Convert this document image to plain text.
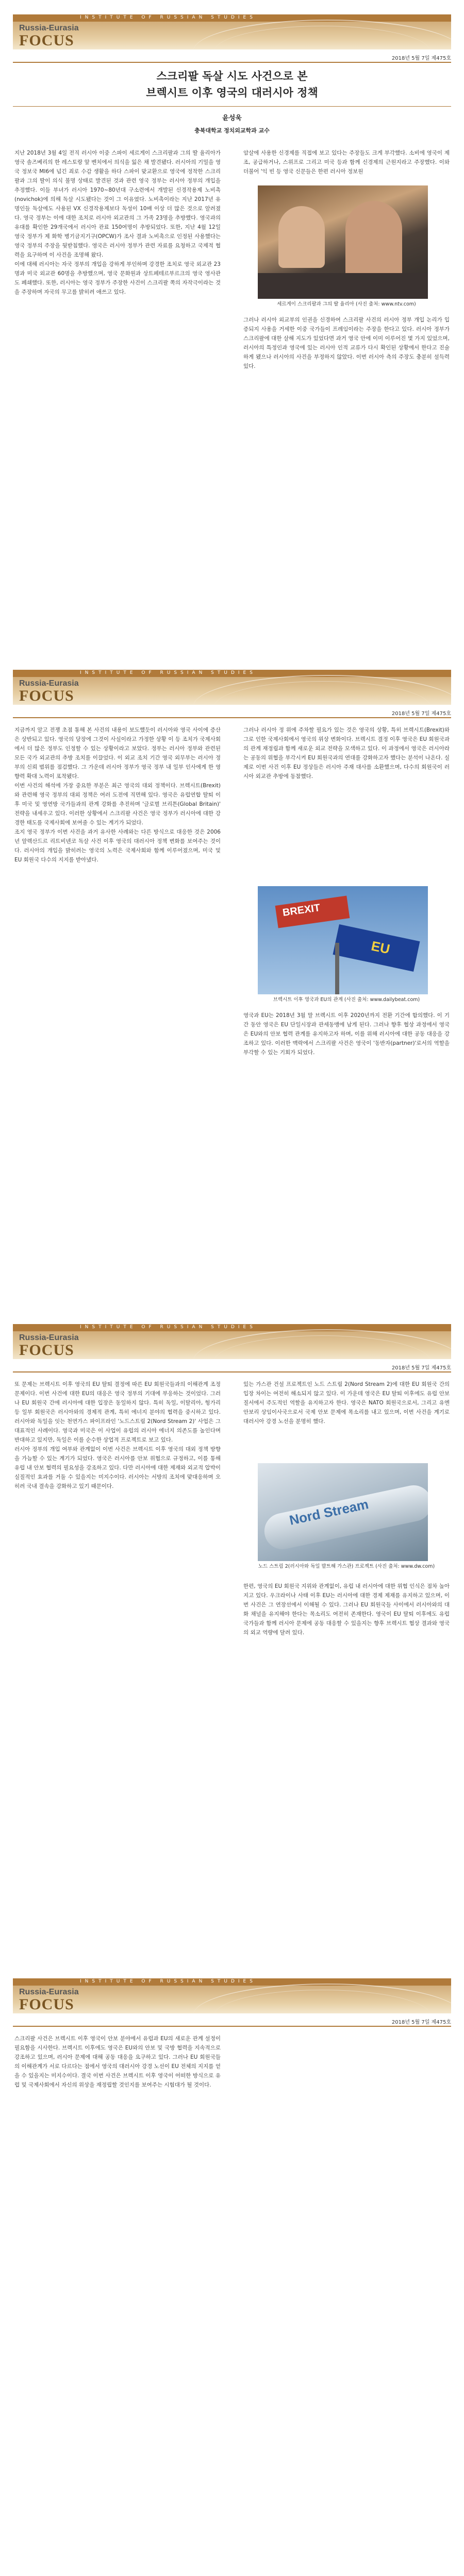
INSTITUTE OF RUSSIAN STUDIES
Russia-Eurasia
FOCUS
2018년 5월 7일 제475호
스크리팔 독살 시도 사건으로 본
브렉시트 이후 영국의 대러시아 정책
윤성욱
충북대학교 정치외교학과 교수
지난 2018년 3월 4일 전직 러시아 이중 스파이 세르게이 스크리팔과 그의 딸 율리아가 영국 솔즈베리의 한 레스토랑 앞 벤치에서 의식을 잃은 채 발견됐다. 러시아의 기밀을 영국 정보국 MI6에 넘긴 죄로 수감 생활을 하다 스파이 맞교환으로 영국에 정착한 스크리팔과 그의 딸이 의식 불명 상태로 발견된 것과 관련 영국 정부는 러시아 정부의 개입을 추정했다. 이들 부녀가 러시아 1970~80년대 구소련에서 개발된 신경작용제 노비촉(novichok)에 의해 독살 시도됐다는 것이 그 이유였다. 노비촉이라는 지난 2017년 유명인들 독살에도 사용된 VX 신경작용제보다 독성이 10배 이상 더 많은 것으로 알려졌다. 영국 정부는 이에 대한 조치로 러시아 외교관의 그 가족 23명을 추방했다. 영국과의 유대를 확인한 29개국에서 러시아 관료 150여명이 추방되었다. 또한, 지난 4월 12일 영국 정부가 제 화학 병기금지기구(OPCW)가 조사 결과 노비촉으로 인정된 사용했다는 영국 정부의 주장을 뒷받침했다. 영국은 러시아 정부가 관련 자료를 요청하고 국제적 협력을 요구하며 이 사건을 조명해 왔다.
이에 대해 러시아는 자국 정부의 개입을 강하게 부인하며 강경한 조치로 영국 외교관 23명과 미국 외교관 60명을 추방했으며, 영국 문화원과 상트페테르부르크의 영국 영사관도 폐쇄했다. 또한, 러시아는 영국 정부가 주장한 사건이 스크리팔 쪽의 자작극이라는 것을 주장하며 자국의 무고를 밝히려 애쓰고 있다.
암살에 사용한 신경제를 직접에 보고 있다는 주장들도 크게 부각했다. 소비에 영국이 제조, 공급하거나, 스위프로 그리고 미국 등과 함께 신경제의 근원지라고 주장했다. 이와 더불어 '익 빈 등 영국 신문들은 한편 러시아 정보원
세르게이 스크리팔과 그의 딸 율리아 (사진 출처: www.ntv.com)
그러나 러시아 외교부의 인권을 신경하여 스크리팔 사건의 러시아 정부 개입 논리가 입증되지 사용을 거세한 이중 국가들이 프레임이라는 주장을 한다고 있다. 러시아 정부가 스크리팔에 대한 살해 지도가 있었다면 과거 영국 안에 이미 이루어진 몇 가지 있었으며, 러시아의 특정인과 영국에 있는 러시아 인적 교류가 다시 확인된 상황에서 한다고 진술하게 됐으나 러시아의 사건을 부정하지 않았다. 이번 러시아 측의 주장도 충분히 설득력 있다.
INSTITUTE OF RUSSIAN STUDIES
Russia-Eurasia
FOCUS
2018년 5월 7일 제475호
지금까지 알고 전쟁 초점 통해 본 사건의 내용이 보도했듯이 러시아와 영국 사이에 증산은 상반되고 있다. 영국의 당장에 그것이 사실이라고 가정한 상황 이 등 조치가 국제사회에서 더 많은 정부도 인정할 수 있는 상황이라고 보았다. 정부는 러시아 정부와 관련된 모든 국가 외교관의 추방 조치를 이끌었다. 이 외교 조치 기간 영국 외무부는 러시아 정부의 신뢰 범위를 점검했다. 그 가운데 러시아 정부가 영국 정부 내 일부 인사에게 한 영향력 확대 노력이 포착됐다.
이번 사건의 해석에 가장 중요한 부분은 최근 영국의 대외 정책이다. 브렉시트(Brexit)와 관련해 영국 정부의 대외 정책은 여러 도전에 직면해 있다. 영국은 유럽연합 탈퇴 이후 미국 및 영연방 국가들과의 관계 강화를 추진하며 '글로벌 브리튼(Global Britain)' 전략을 내세우고 있다. 이러한 상황에서 스크리팔 사건은 영국 정부가 러시아에 대한 강경한 태도를 국제사회에 보여줄 수 있는 계기가 되었다.
조지 영국 정부가 이번 사건을 과거 유사한 사례와는 다른 방식으로 대응한 것은 2006년 알렉산드르 리트비넨코 독살 사건 이후 영국의 대러시아 정책 변화를 보여주는 것이다. 러시아의 개입을 밝히려는 영국의 노력은 국제사회와 함께 이루어졌으며, 미국 및 EU 회원국 다수의 지지를 받아냈다.
그러나 러시아 정 위에 주차할 필요가 있는 것은 영국의 상황, 특히 브렉시트(Brexit)와 그로 인한 국제사회에서 영국의 위상 변화이다. 브렉시트 결정 이후 영국은 EU 회원국과의 관계 재정립과 함께 새로운 외교 전략을 모색하고 있다. 이 과정에서 영국은 러시아라는 공동의 위협을 부각시켜 EU 회원국과의 연대를 강화하고자 했다는 분석이 나온다. 실제로 이번 사건 이후 EU 정상들은 러시아 주재 대사를 소환했으며, 다수의 회원국이 러시아 외교관 추방에 동참했다.
BREXIT
EU
브렉시트 이후 영국과 EU의 관계 (사진 출처: www.dailybeat.com)
영국과 EU는 2018년 3월 말 브렉시트 이후 2020년까지 전환 기간에 합의했다. 이 기간 동안 영국은 EU 단일시장과 관세동맹에 남게 된다. 그러나 향후 협상 과정에서 영국은 EU와의 안보 협력 관계를 유지하고자 하며, 이를 위해 러시아에 대한 공동 대응을 강조하고 있다. 이러한 맥락에서 스크리팔 사건은 영국이 '동반자(partner)'로서의 역할을 부각할 수 있는 기회가 되었다.
INSTITUTE OF RUSSIAN STUDIES
Russia-Eurasia
FOCUS
2018년 5월 7일 제475호
또 문제는 브렉시트 이후 영국의 EU 탈퇴 결정에 따른 EU 회원국들과의 이해관계 조정 문제이다. 이번 사건에 대한 EU의 대응은 영국 정부의 기대에 부응하는 것이었다. 그러나 EU 회원국 간에 러시아에 대한 입장은 동일하지 않다. 특히 독일, 이탈리아, 헝가리 등 일부 회원국은 러시아와의 경제적 관계, 특히 에너지 분야의 협력을 중시하고 있다. 러시아와 독일을 잇는 천연가스 파이프라인 '노드스트림 2(Nord Stream 2)' 사업은 그 대표적인 사례이다. 영국과 미국은 이 사업이 유럽의 러시아 에너지 의존도를 높인다며 반대하고 있지만, 독일은 이를 순수한 상업적 프로젝트로 보고 있다.
러시아 정부의 개입 여부와 관계없이 이번 사건은 브렉시트 이후 영국의 대외 정책 방향을 가늠할 수 있는 계기가 되었다. 영국은 러시아를 안보 위협으로 규정하고, 이를 통해 유럽 내 안보 협력의 필요성을 강조하고 있다. 다만 러시아에 대한 제재와 외교적 압박이 실질적인 효과를 거둘 수 있을지는 미지수이다. 러시아는 서방의 조치에 맞대응하며 오히려 국내 결속을 강화하고 있기 때문이다.
있는 가스관 건설 프로젝트인 노드 스트림 2(Nord Stream 2)에 대한 EU 회원국 간의 입장 차이는 여전히 해소되지 않고 있다. 이 가운데 영국은 EU 탈퇴 이후에도 유럽 안보 질서에서 주도적인 역할을 유지하고자 한다. 영국은 NATO 회원국으로서, 그리고 유엔 안보리 상임이사국으로서 국제 안보 문제에 목소리를 내고 있으며, 이번 사건을 계기로 대러시아 강경 노선을 분명히 했다.
Nord Stream
노드 스트림 2(러시아와 독일 발트해 가스관) 프로젝트 (사진 출처: www.dw.com)
한편, 영국의 EU 회원국 지위와 관계없이, 유럽 내 러시아에 대한 위협 인식은 점차 높아지고 있다. 우크라이나 사태 이후 EU는 러시아에 대한 경제 제재를 유지하고 있으며, 이번 사건은 그 연장선에서 이해될 수 있다. 그러나 EU 회원국들 사이에서 러시아와의 대화 채널을 유지해야 한다는 목소리도 여전히 존재한다. 영국이 EU 탈퇴 이후에도 유럽 국가들과 함께 러시아 문제에 공동 대응할 수 있을지는 향후 브렉시트 협상 결과와 영국의 외교 역량에 달려 있다.
INSTITUTE OF RUSSIAN STUDIES
Russia-Eurasia
FOCUS
2018년 5월 7일 제475호
스크리팔 사건은 브렉시트 이후 영국이 안보 분야에서 유럽과 EU의 새로운 관계 설정이 필요함을 시사한다. 브렉시트 이후에도 영국은 EU와의 안보 및 국방 협력을 지속적으로 강조하고 있으며, 러시아 문제에 대해 공동 대응을 요구하고 있다. 그러나 EU 회원국들의 이해관계가 서로 다르다는 점에서 영국의 대러시아 강경 노선이 EU 전체의 지지를 얻을 수 있을지는 미지수이다. 결국 이번 사건은 브렉시트 이후 영국이 어떠한 방식으로 유럽 및 국제사회에서 자신의 위상을 재정립할 것인지를 보여주는 시험대가 될 것이다.
